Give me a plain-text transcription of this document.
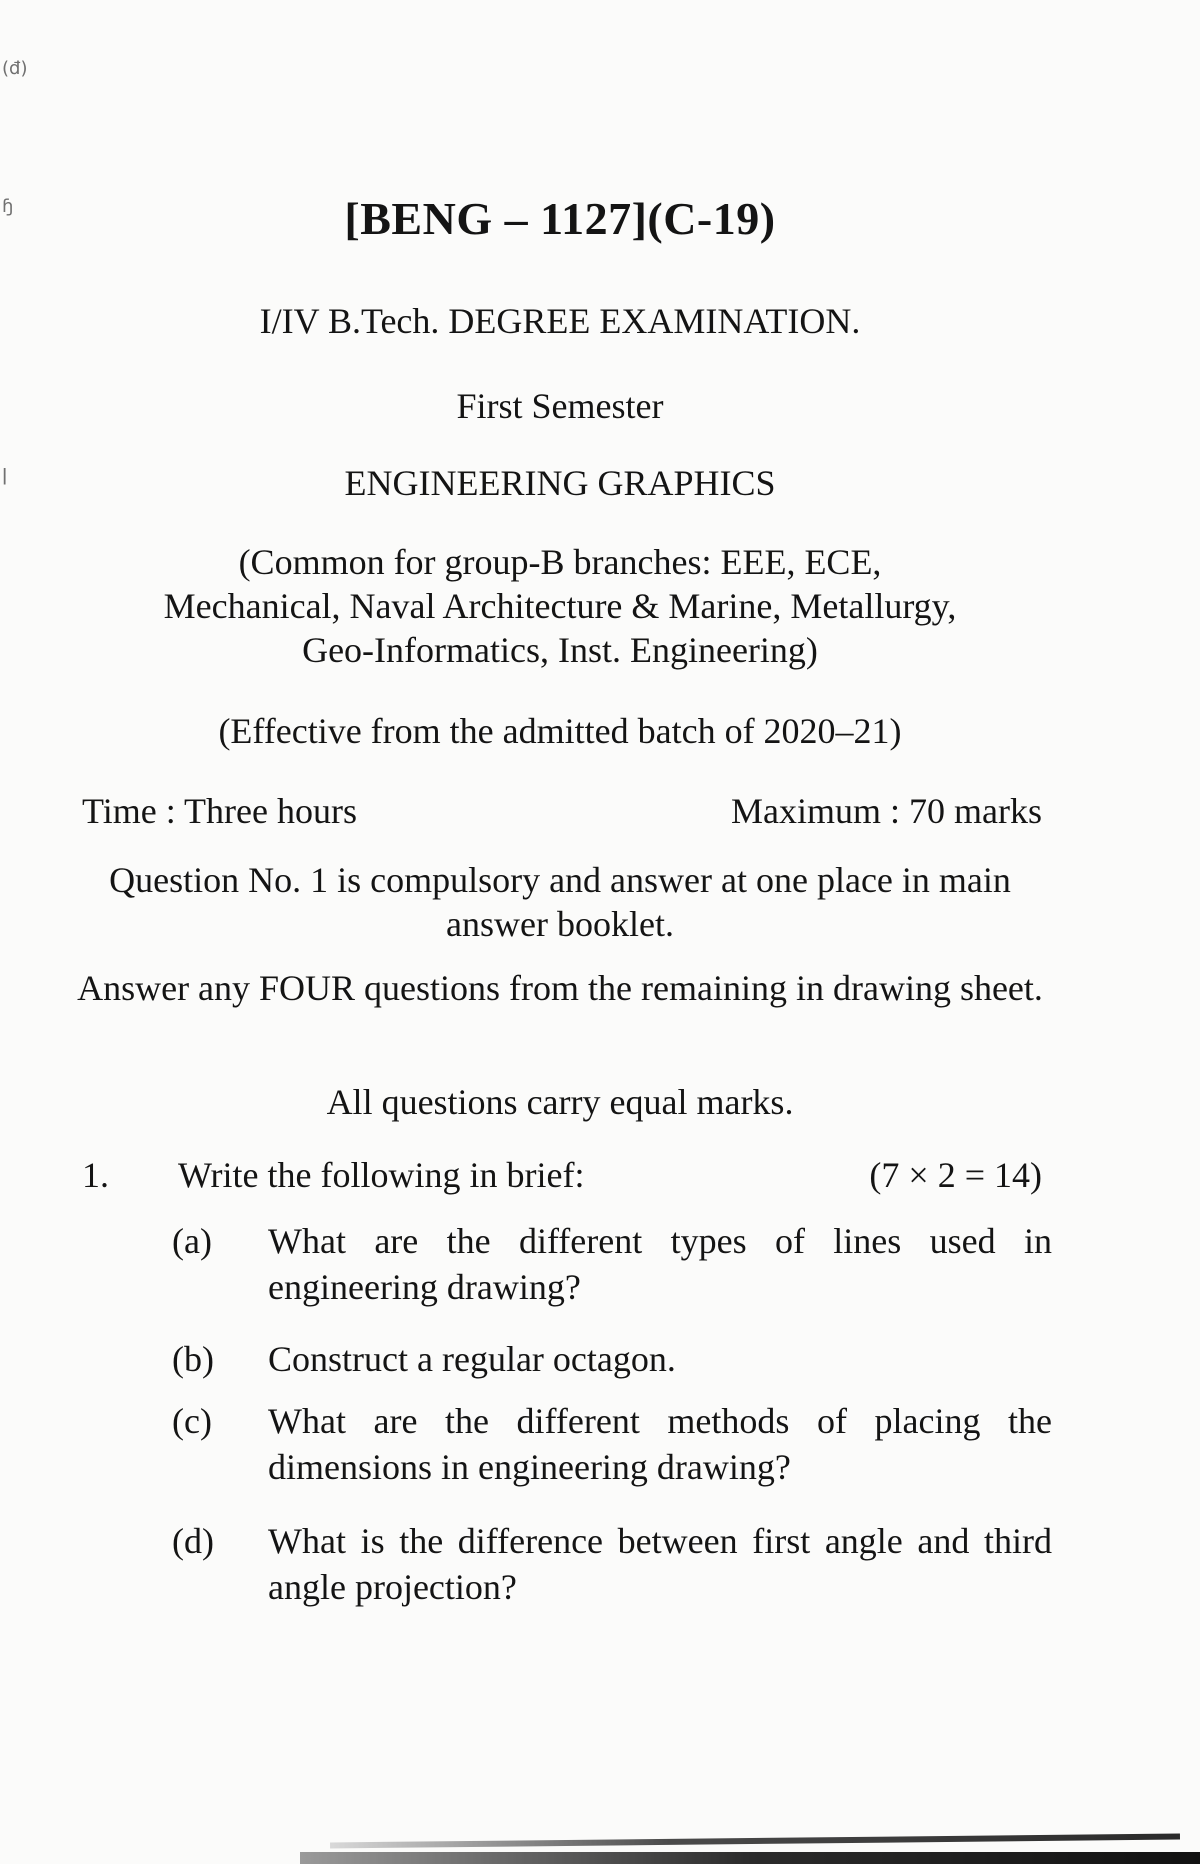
(đ)
ɧ
ǀ
[BENG – 1127](C-19)
I/IV B.Tech. DEGREE EXAMINATION.
First Semester
ENGINEERING GRAPHICS
(Common for group-B branches: EEE, ECE,
Mechanical, Naval Architecture & Marine, Metallurgy,
Geo-Informatics, Inst. Engineering)
(Effective from the admitted batch of 2020–21)
Time : Three hours	Maximum : 70 marks
Question No. 1 is compulsory and answer at one place in main answer booklet.
Answer any FOUR questions from the remaining in drawing sheet.
All questions carry equal marks.
1.	Write the following in brief:	(7 × 2 = 14)
(a)	What are the different types of lines used in engineering drawing?
(b)	Construct a regular octagon.
(c)	What are the different methods of placing the dimensions in engineering drawing?
(d)	What is the difference between first angle and third angle projection?
